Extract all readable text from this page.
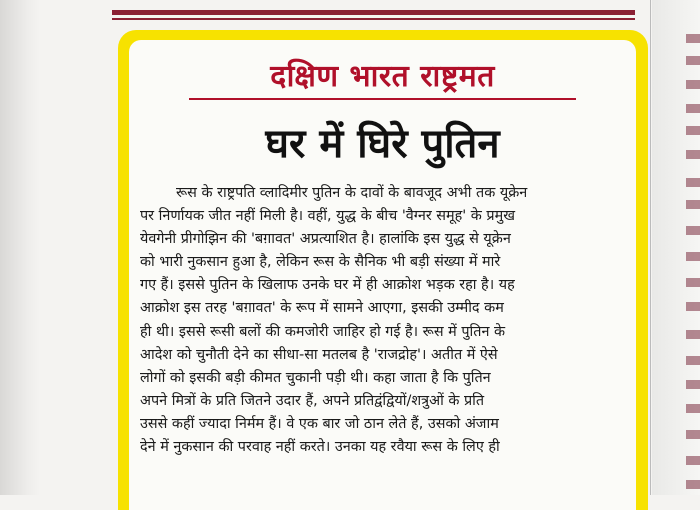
दक्षिण भारत राष्ट्रमत
घर में घिरे पुतिन
रूस के राष्ट्रपति व्लादिमीर पुतिन के दावों के बावजूद अभी तक यूक्रेन
पर निर्णायक जीत नहीं मिली है। वहीं, युद्ध के बीच 'वैग्नर समूह' के प्रमुख
येवगेनी प्रीगोझिन की 'बग़ावत' अप्रत्याशित है। हालांकि इस युद्ध से यूक्रेन
को भारी नुकसान हुआ है, लेकिन रूस के सैनिक भी बड़ी संख्या में मारे
गए हैं। इससे पुतिन के खिलाफ उनके घर में ही आक्रोश भड़क रहा है। यह
आक्रोश इस तरह 'बग़ावत' के रूप में सामने आएगा, इसकी उम्मीद कम
ही थी। इससे रूसी बलों की कमजोरी जाहिर हो गई है। रूस में पुतिन के
आदेश को चुनौती देने का सीधा-सा मतलब है 'राजद्रोह'। अतीत में ऐसे
लोगों को इसकी बड़ी कीमत चुकानी पड़ी थी। कहा जाता है कि पुतिन
अपने मित्रों के प्रति जितने उदार हैं, अपने प्रतिद्वंद्वियों/शत्रुओं के प्रति
उससे कहीं ज्यादा निर्मम हैं। वे एक बार जो ठान लेते हैं, उसको अंजाम
देने में नुकसान की परवाह नहीं करते। उनका यह रवैया रूस के लिए ही
